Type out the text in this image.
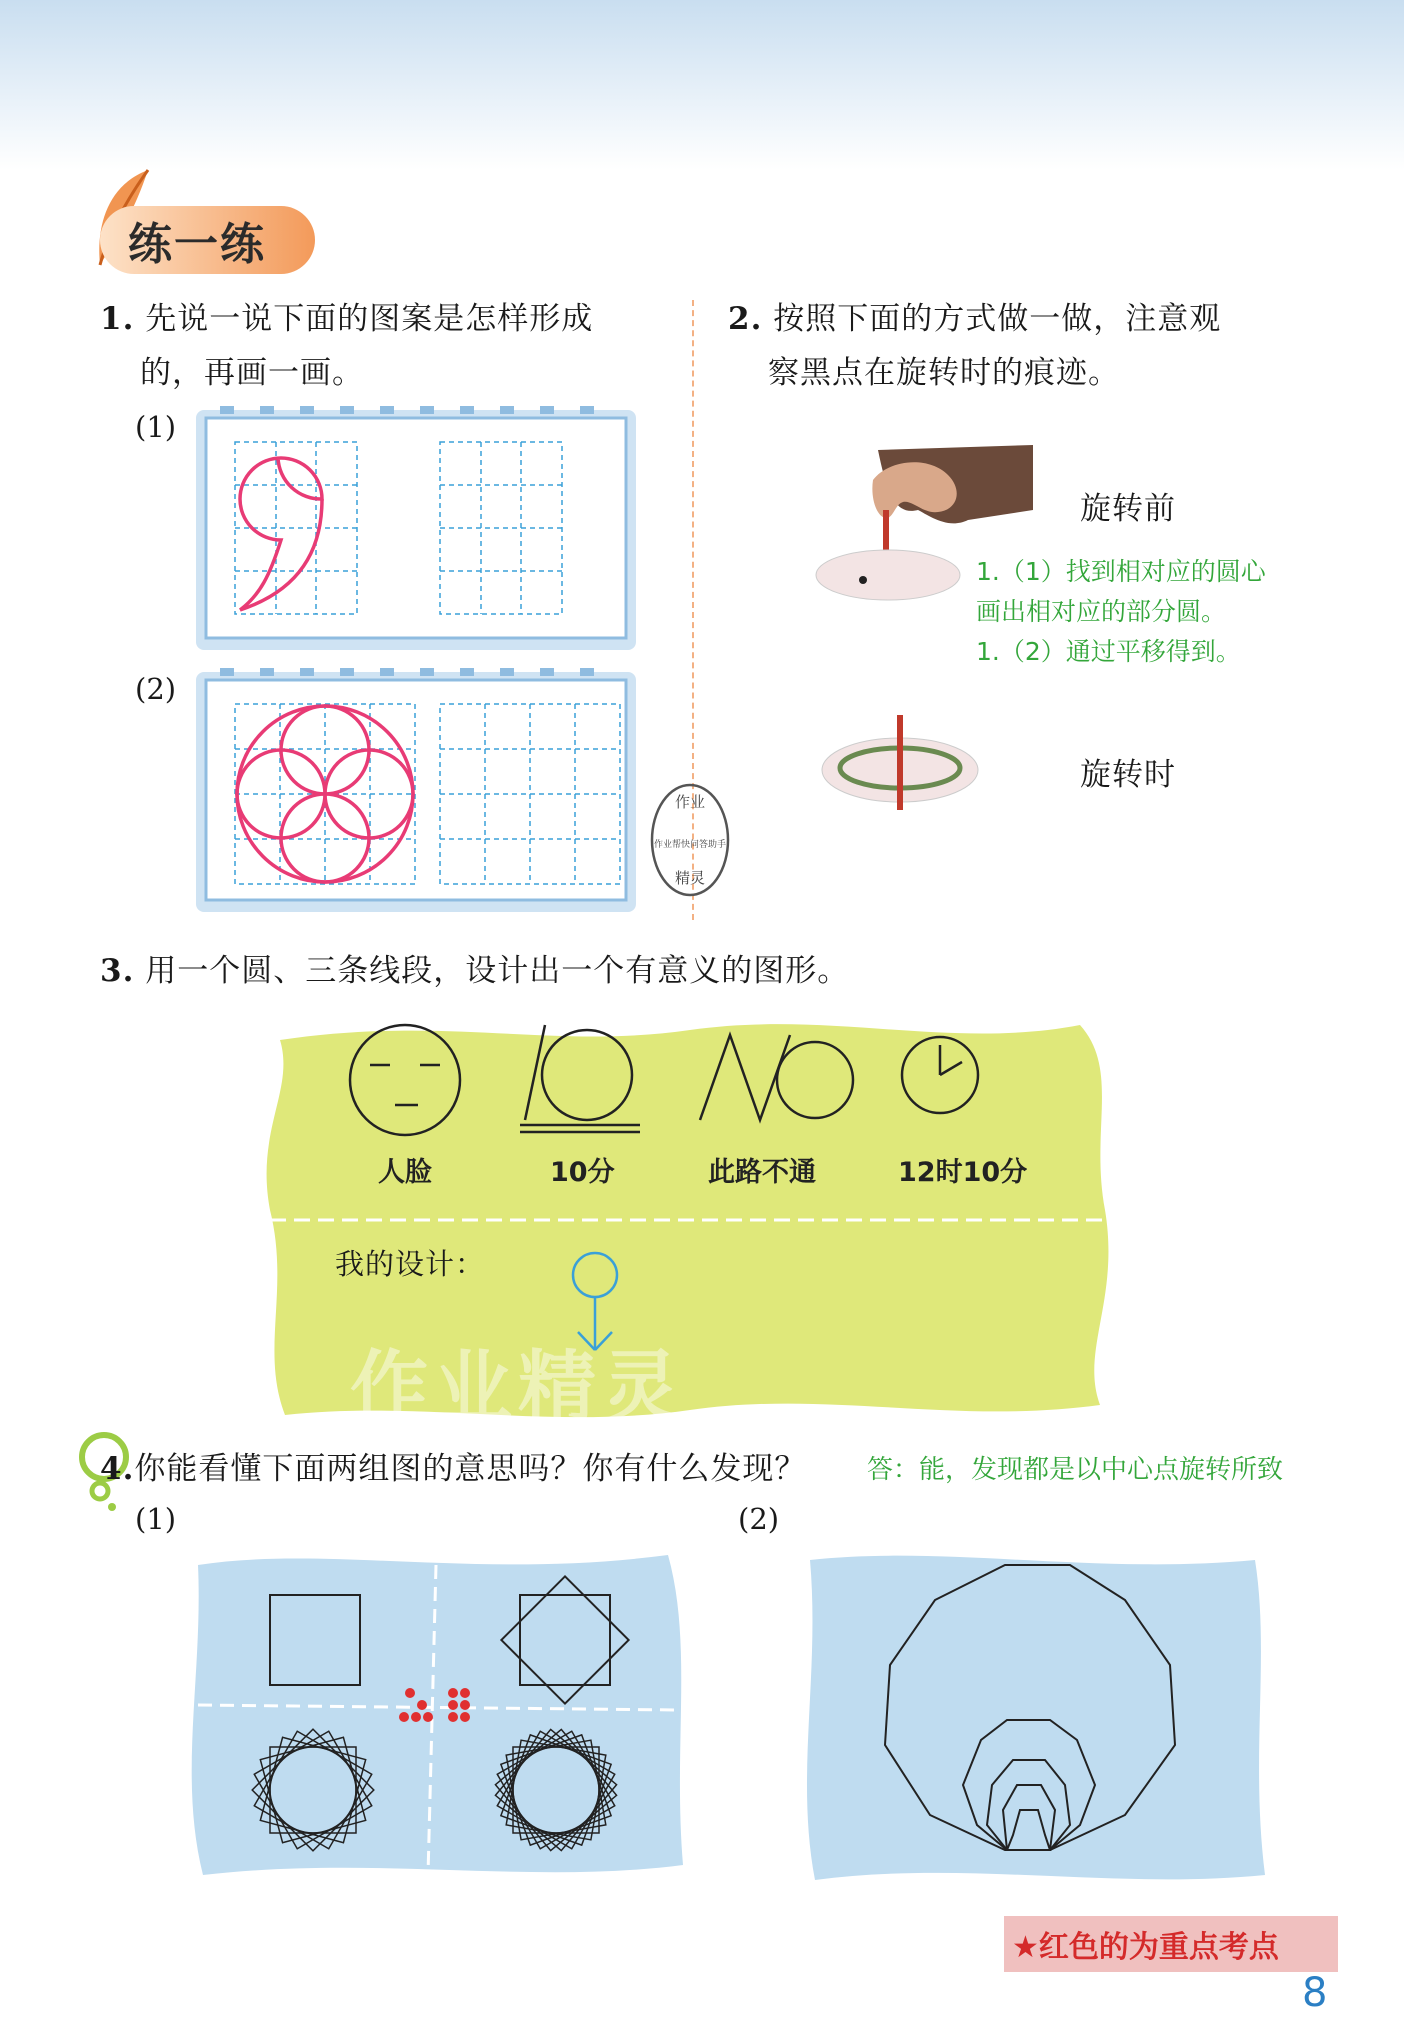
练一练
1. 先说一说下面的图案是怎样形成
的，再画一画。
(1)
(2)
作业
作业帮快问答助手
精灵
2. 按照下面的方式做一做，注意观
察黑点在旋转时的痕迹。
旋转前
旋转时
1.（1）找到相对应的圆心
画出相对应的部分圆。
1.（2）通过平移得到。
3. 用一个圆、三条线段，设计出一个有意义的图形。
人脸	10分	此路不通	12时10分
我的设计：
作业精灵
4.你能看懂下面两组图的意思吗？你有什么发现？ 答：能，发现都是以中心点旋转所致
(1)	(2)
★红色的为重点考点
8
